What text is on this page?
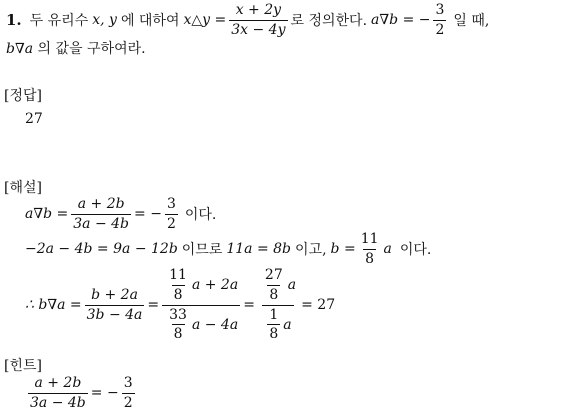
1. 두 유리수 x, y 에 대하여 x△y = $\frac{x + 2y}{3x - 4y}$ 로 정의한다. a∇b = − $\frac{3}{2}$ 일 때,
b∇a 의 값을 구하여라.
[정답]
27
[해설]
$a\nabla b = \frac{a + 2b}{3a - 4b}$ = − $\frac{3}{2}$ 이다.
−2a − 4b = 9a − 12b 이므로 11a = 8b 이고, $b = \frac{11}{8}$ a 이다.
∴ $b\nabla a = \frac{b + 2a}{3b - 4a} = \frac{\frac{11}{8} a + 2a}{\frac{33}{8} a - 4a} = \frac{\frac{27}{8} a}{\frac{1}{8} a} = 27$
[힌트]
$\frac{a + 2b}{3a - 4b}$ = − $\frac{3}{2}$
